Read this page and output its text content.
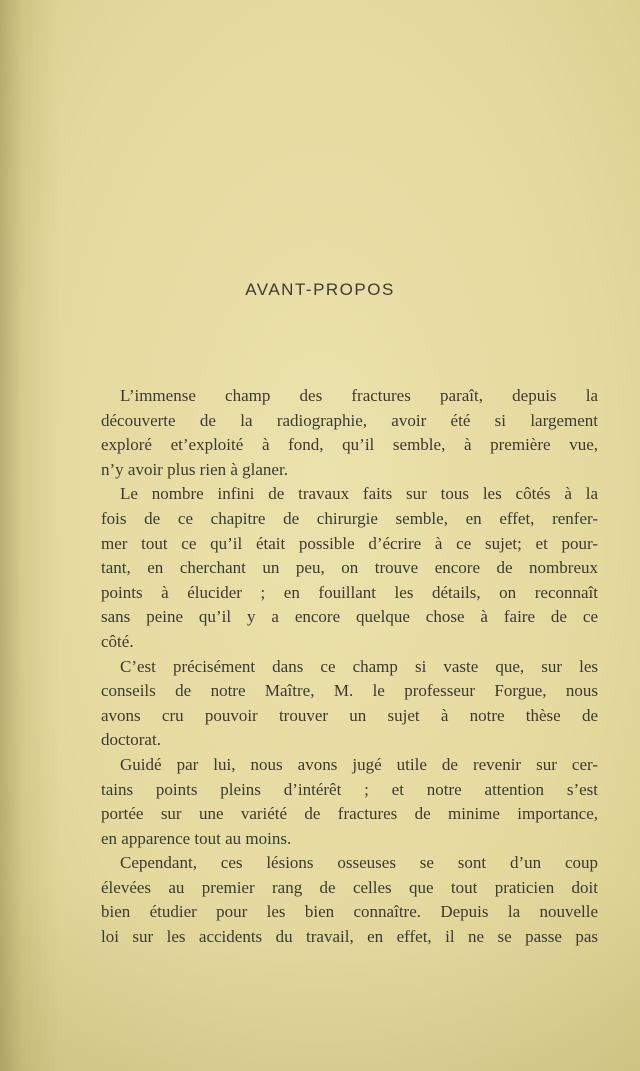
AVANT-PROPOS
L’immense champ des fractures paraît, depuis la
découverte de la radiographie, avoir été si largement
exploré et’exploité à fond, qu’il semble, à première vue,
n’y avoir plus rien à glaner.
Le nombre infini de travaux faits sur tous les côtés à la
fois de ce chapitre de chirurgie semble, en effet, renfer-
mer tout ce qu’il était possible d’écrire à ce sujet; et pour-
tant, en cherchant un peu, on trouve encore de nombreux
points à élucider ; en fouillant les détails, on reconnaît
sans peine qu’il y a encore quelque chose à faire de ce
côté.
C’est précisément dans ce champ si vaste que, sur les
conseils de notre Maître, M. le professeur Forgue, nous
avons cru pouvoir trouver un sujet à notre thèse de
doctorat.
Guidé par lui, nous avons jugé utile de revenir sur cer-
tains points pleins d’intérêt ; et notre attention s’est
portée sur une variété de fractures de minime importance,
en apparence tout au moins.
Cependant, ces lésions osseuses se sont d’un coup
élevées au premier rang de celles que tout praticien doit
bien étudier pour les bien connaître. Depuis la nouvelle
loi sur les accidents du travail, en effet, il ne se passe pas
